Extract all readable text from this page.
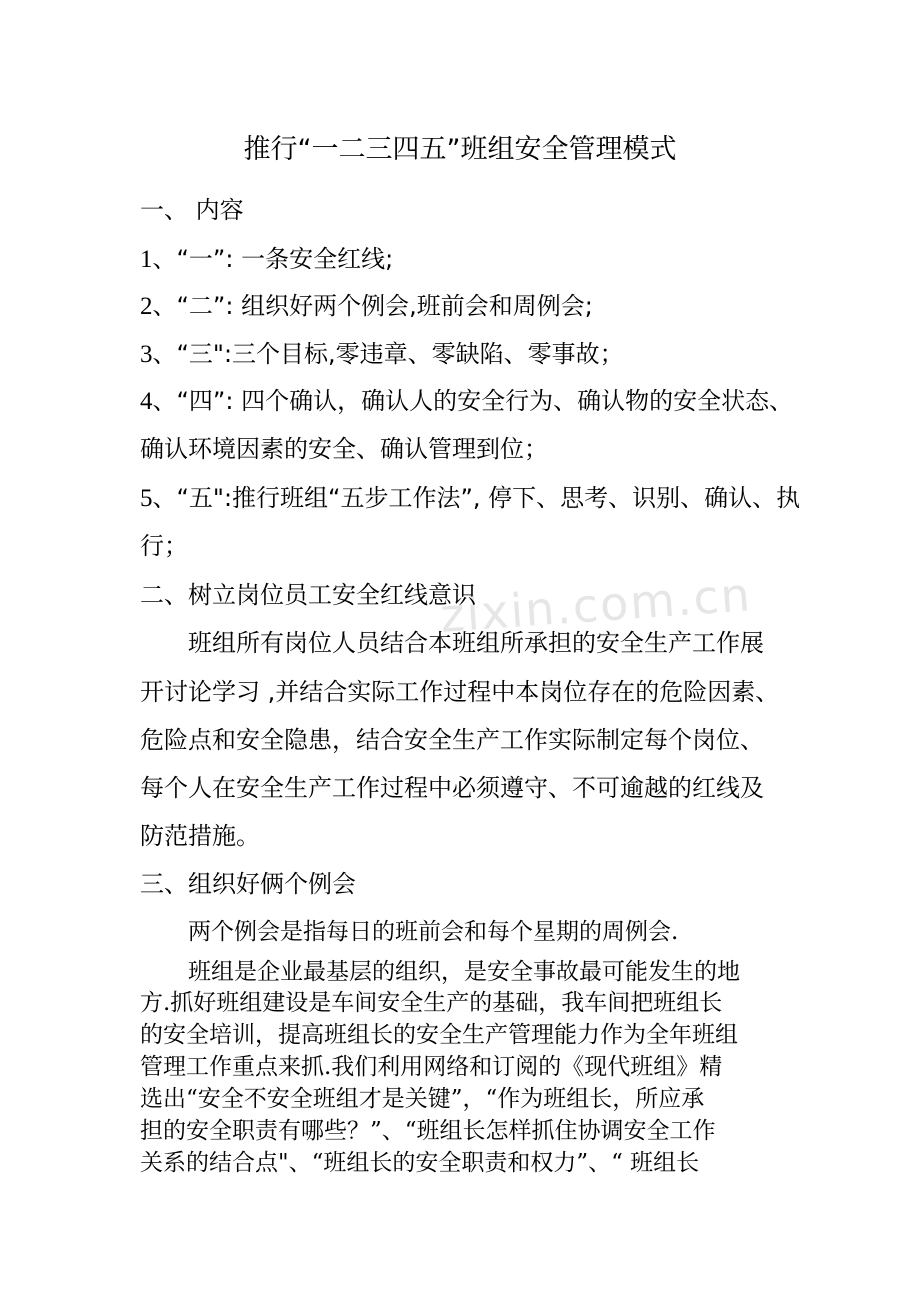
zixin.com.cn
推行“一二三四五”班组安全管理模式
一、 内容
1、“一”: 一条安全红线;
2、“二”: 组织好两个例会,班前会和周例会;
3、“三":三个目标,零违章、零缺陷、零事故；
4、“四”: 四个确认，确认人的安全行为、确认物的安全状态、
确认环境因素的安全、确认管理到位；
5、“五":推行班组“五步工作法”, 停下、思考、识别、确认、执
行；
二、树立岗位员工安全红线意识
班组所有岗位人员结合本班组所承担的安全生产工作展
开讨论学习 ,并结合实际工作过程中本岗位存在的危险因素、
危险点和安全隐患，结合安全生产工作实际制定每个岗位、
每个人在安全生产工作过程中必须遵守、不可逾越的红线及
防范措施。
三、组织好俩个例会
两个例会是指每日的班前会和每个星期的周例会.
班组是企业最基层的组织，是安全事故最可能发生的地
方.抓好班组建设是车间安全生产的基础，我车间把班组长
的安全培训，提高班组长的安全生产管理能力作为全年班组
管理工作重点来抓.我们利用网络和订阅的《现代班组》精
选出“安全不安全班组才是关键”，“作为班组长，所应承
担的安全职责有哪些？”、“班组长怎样抓住协调安全工作
关系的结合点"、“班组长的安全职责和权力”、“ 班组长
